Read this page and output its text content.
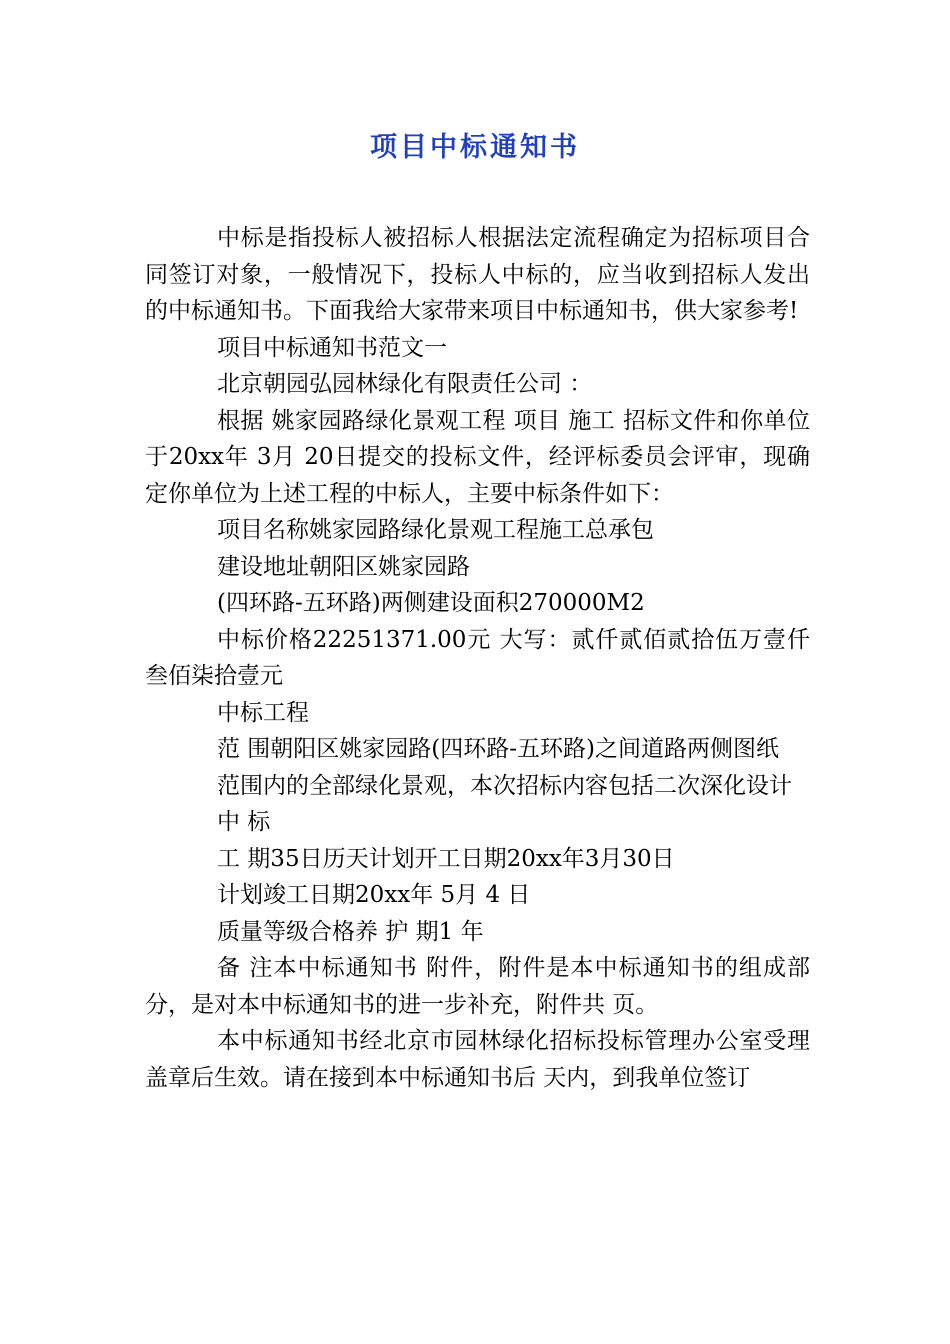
项目中标通知书

中标是指投标人被招标人根据法定流程确定为招标项目合同签订对象，一般情况下，投标人中标的，应当收到招标人发出的中标通知书。下面我给大家带来项目中标通知书，供大家参考!

项目中标通知书范文一

北京朝园弘园林绿化有限责任公司 ：

根据 姚家园路绿化景观工程 项目 施工 招标文件和你单位于20xx年 3月 20日提交的投标文件，经评标委员会评审，现确定你单位为上述工程的中标人，主要中标条件如下：

项目名称姚家园路绿化景观工程施工总承包

建设地址朝阳区姚家园路

(四环路-五环路)两侧建设面积270000M2

中标价格22251371.00元 大写：贰仟贰佰贰拾伍万壹仟叁佰柒拾壹元

中标工程

范 围朝阳区姚家园路(四环路-五环路)之间道路两侧图纸

范围内的全部绿化景观，本次招标内容包括二次深化设计

中 标

工 期35日历天计划开工日期20xx年3月30日

计划竣工日期20xx年 5月 4 日

质量等级合格养 护 期1 年

备 注本中标通知书 附件，附件是本中标通知书的组成部分，是对本中标通知书的进一步补充，附件共 页。

本中标通知书经北京市园林绿化招标投标管理办公室受理盖章后生效。请在接到本中标通知书后 天内，到我单位签订
